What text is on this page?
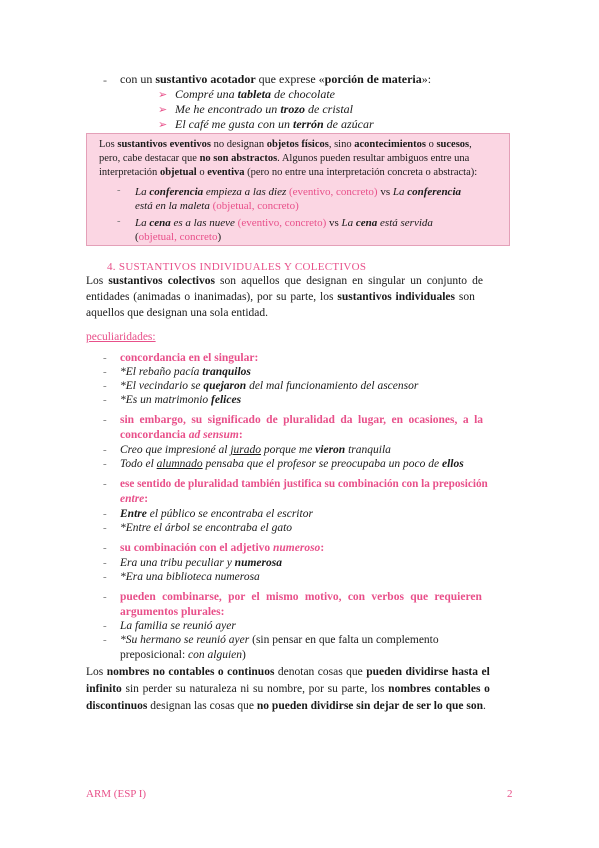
- con un sustantivo acotador que exprese «porción de materia»:
➢ Compré una tableta de chocolate
➢ Me he encontrado un trozo de cristal
➢ El café me gusta con un terrón de azúcar

Los sustantivos eventivos no designan objetos físicos, sino acontecimientos o sucesos,

pero, cabe destacar que no son abstractos. Algunos pueden resultar ambiguos entre una

interpretación objetual o eventiva (pero no entre una interpretación concreta o abstracta):

- La conferencia empieza a las diez (eventivo, concreto) vs La conferencia
está en la maleta (objetual, concreto)
- La cena es a las nueve (eventivo, concreto) vs La cena está servida
(objetual, concreto)
4. SUSTANTIVOS INDIVIDUALES Y COLECTIVOS
Los sustantivos colectivos son aquellos que designan en singular un conjunto de
entidades (animadas o inanimadas), por su parte, los sustantivos individuales son
aquellos que designan una sola entidad.
peculiaridades:
- concordancia en el singular:
- *El rebaño pacía tranquilos
- *El vecindario se quejaron del mal funcionamiento del ascensor
- *Es un matrimonio felices
- sin embargo, su significado de pluralidad da lugar, en ocasiones, a la
concordancia ad sensum:
- Creo que impresioné al jurado porque me vieron tranquila
- Todo el alumnado pensaba que el profesor se preocupaba un poco de ellos
- ese sentido de pluralidad también justifica su combinación con la preposición
entre:
- Entre el público se encontraba el escritor
- *Entre el árbol se encontraba el gato
- su combinación con el adjetivo numeroso:
- Era una tribu peculiar y numerosa
- *Era una biblioteca numerosa
- pueden combinarse, por el mismo motivo, con verbos que requieren
argumentos plurales:
- La familia se reunió ayer
- *Su hermano se reunió ayer (sin pensar en que falta un complemento
preposicional: con alguien)
Los nombres no contables o continuos denotan cosas que pueden dividirse hasta el
infinito sin perder su naturaleza ni su nombre, por su parte, los nombres contables o
discontinuos designan las cosas que no pueden dividirse sin dejar de ser lo que son.
ARM (ESP I)	2
